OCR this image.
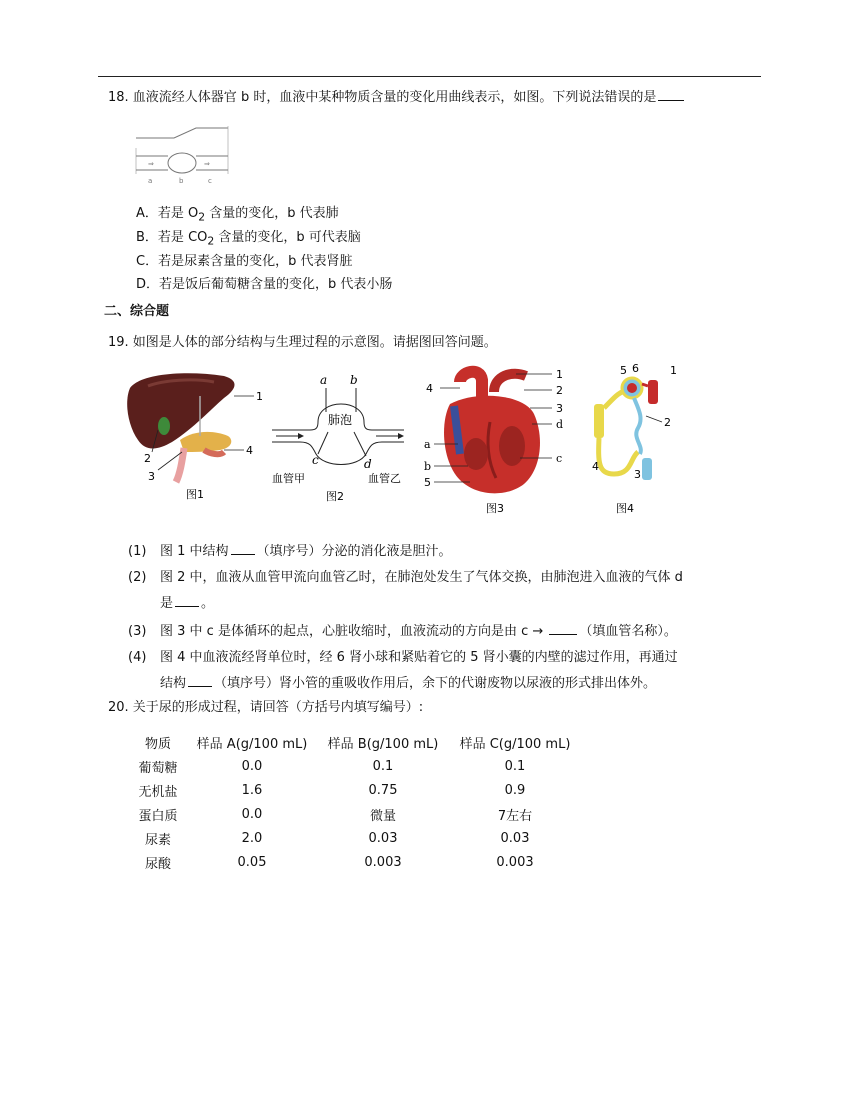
18. 血液流经人体器官 b 时，血液中某种物质含量的变化用曲线表示，如图。下列说法错误的是
⇒	⇒
a	b	c
A．若是 $O_2$ 含量的变化，b 代表肺
B．若是 $CO_2$ 含量的变化，b 可代表脑
C．若是尿素含量的变化，b 代表肾脏
D．若是饭后葡萄糖含量的变化，b 代表小肠
二、综合题
19. 如图是人体的部分结构与生理过程的示意图。请据图回答问题。
1
2
3
4
图1
a b
肺泡
c	d
血管甲	血管乙
图2
4
a
b
5
1
2
3
d
c
图3
5 6	1
2
3
4
图4
(1) 图 1 中结构 （填序号）分泌的消化液是胆汁。
(2) 图 2 中，血液从血管甲流向血管乙时，在肺泡处发生了气体交换，由肺泡进入血液的气体 d
是 。
(3) 图 3 中 c 是体循环的起点，心脏收缩时，血液流动的方向是由 c → （填血管名称）。
(4) 图 4 中血液流经肾单位时，经 6 肾小球和紧贴着它的 5 肾小囊的内壁的滤过作用，再通过
结构 （填序号）肾小管的重吸收作用后，余下的代谢废物以尿液的形式排出体外。
20. 关于尿的形成过程，请回答（方括号内填写编号）:
物质	样品 A(g/100 mL)	样品 B(g/100 mL)	样品 C(g/100 mL)
葡萄糖	0.0	0.1	0.1
无机盐	1.6	0.75	0.9
蛋白质	0.0	微量	7左右
尿素	2.0	0.03	0.03
尿酸	0.05	0.003	0.003
